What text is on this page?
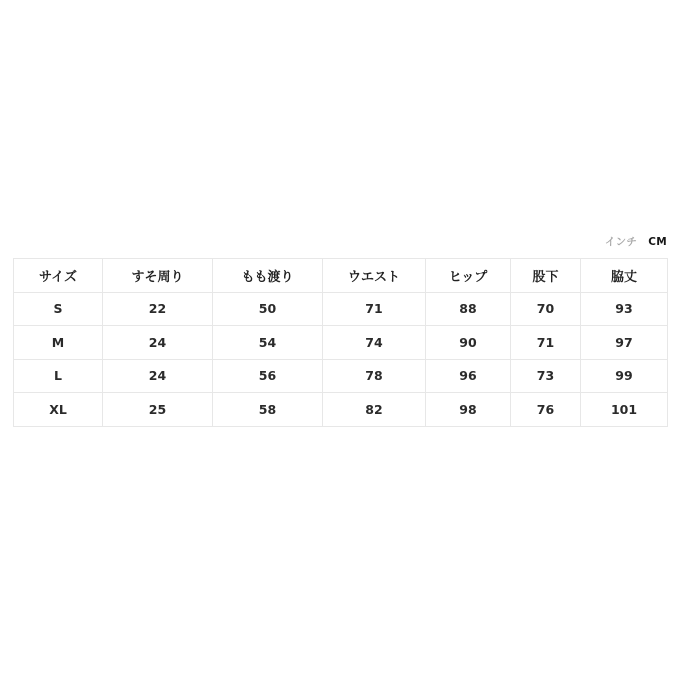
インチ CM
サイズ	すそ周り	もも渡り	ウエスト	ヒップ	股下	脇丈
S	22	50	71	88	70	93
M	24	54	74	90	71	97
L	24	56	78	96	73	99
XL	25	58	82	98	76	101
